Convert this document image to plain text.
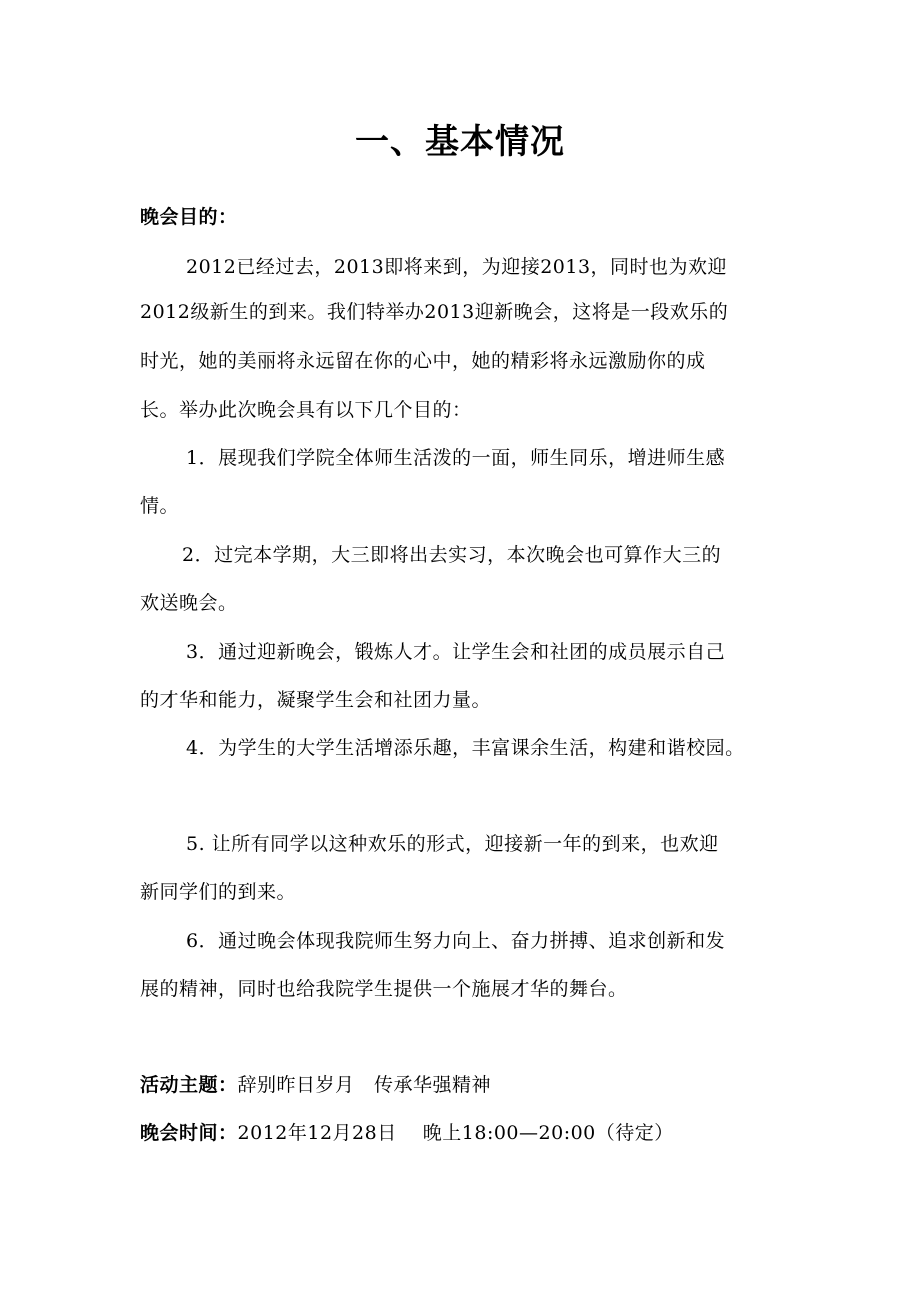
一、基本情况
晚会目的：
2012已经过去，2013即将来到，为迎接2013，同时也为欢迎
2012级新生的到来。我们特举办2013迎新晚会，这将是一段欢乐的
时光，她的美丽将永远留在你的心中，她的精彩将永远激励你的成
长。举办此次晚会具有以下几个目的：
1．展现我们学院全体师生活泼的一面，师生同乐，增进师生感
情。
2．过完本学期，大三即将出去实习，本次晚会也可算作大三的
欢送晚会。
3．通过迎新晚会，锻炼人才。让学生会和社团的成员展示自己
的才华和能力，凝聚学生会和社团力量。
4．为学生的大学生活增添乐趣，丰富课余生活，构建和谐校园。
5. 让所有同学以这种欢乐的形式，迎接新一年的到来，也欢迎
新同学们的到来。
6．通过晚会体现我院师生努力向上、奋力拼搏、追求创新和发
展的精神，同时也给我院学生提供一个施展才华的舞台。
活动主题：辞别昨日岁月　传承华强精神
晚会时间：2012年12月28日　 晚上18:00—20:00（待定）
